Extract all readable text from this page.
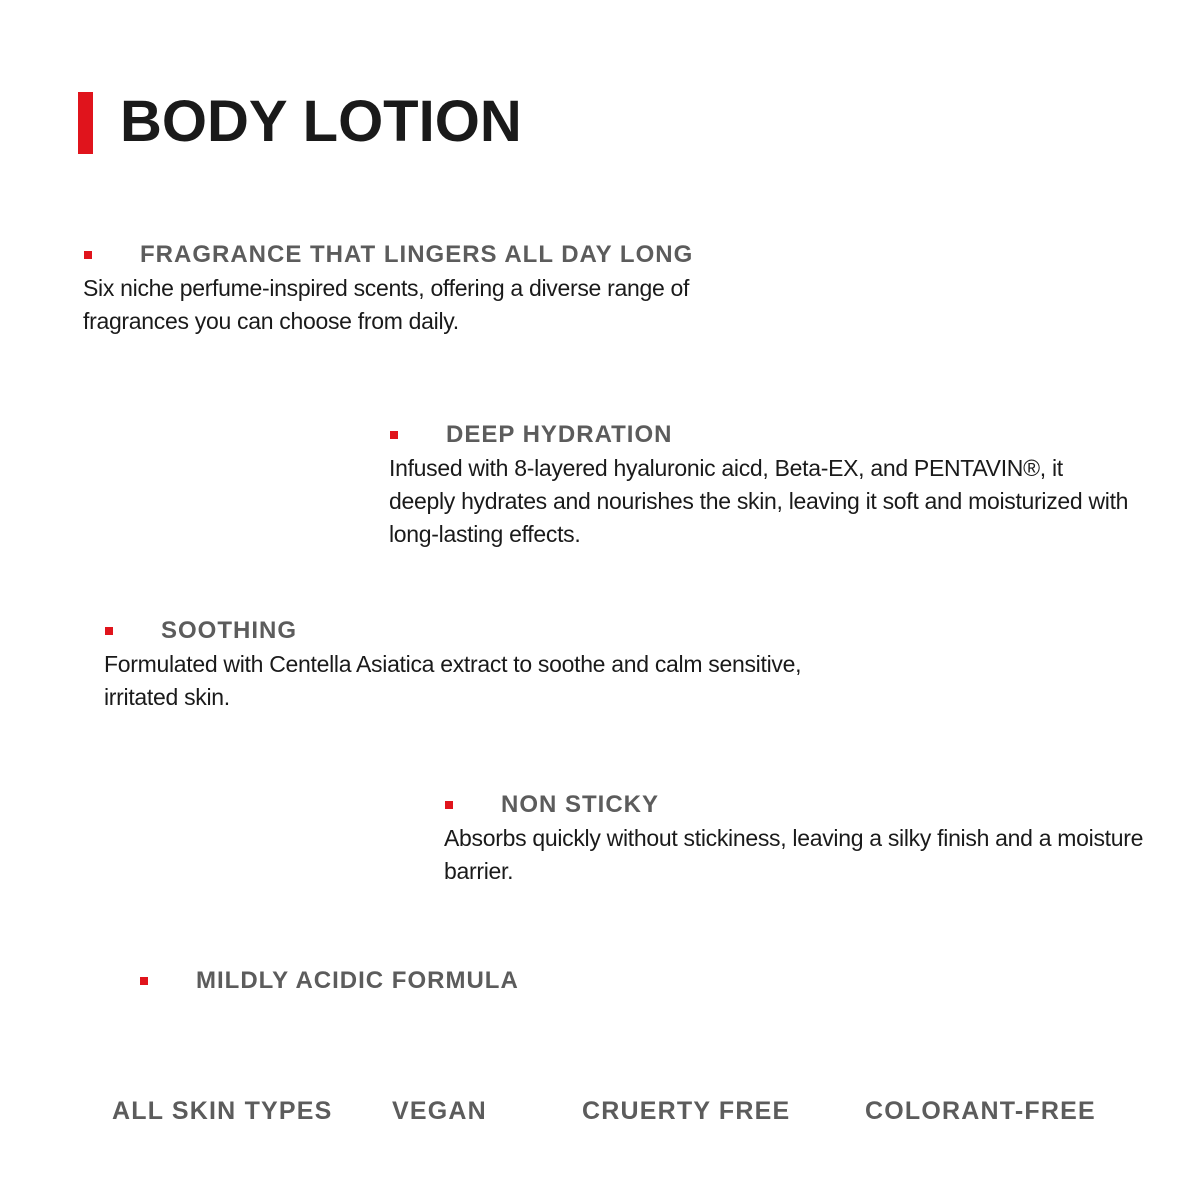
BODY LOTION
FRAGRANCE THAT LINGERS ALL DAY LONG

Six niche perfume-inspired scents, offering a diverse range of fragrances you can choose from daily.

DEEP HYDRATION

Infused with 8-layered hyaluronic aicd, Beta-EX, and PENTAVIN®, it deeply hydrates and nourishes the skin, leaving it soft and moisturized with long-lasting effects.

SOOTHING

Formulated with Centella Asiatica extract to soothe and calm sensitive, irritated skin.

NON STICKY

Absorbs quickly without stickiness, leaving a silky finish and a moisture barrier.

MILDLY ACIDIC FORMULA
ALL SKIN TYPES VEGAN	CRUERTY FREE	COLORANT-FREE
